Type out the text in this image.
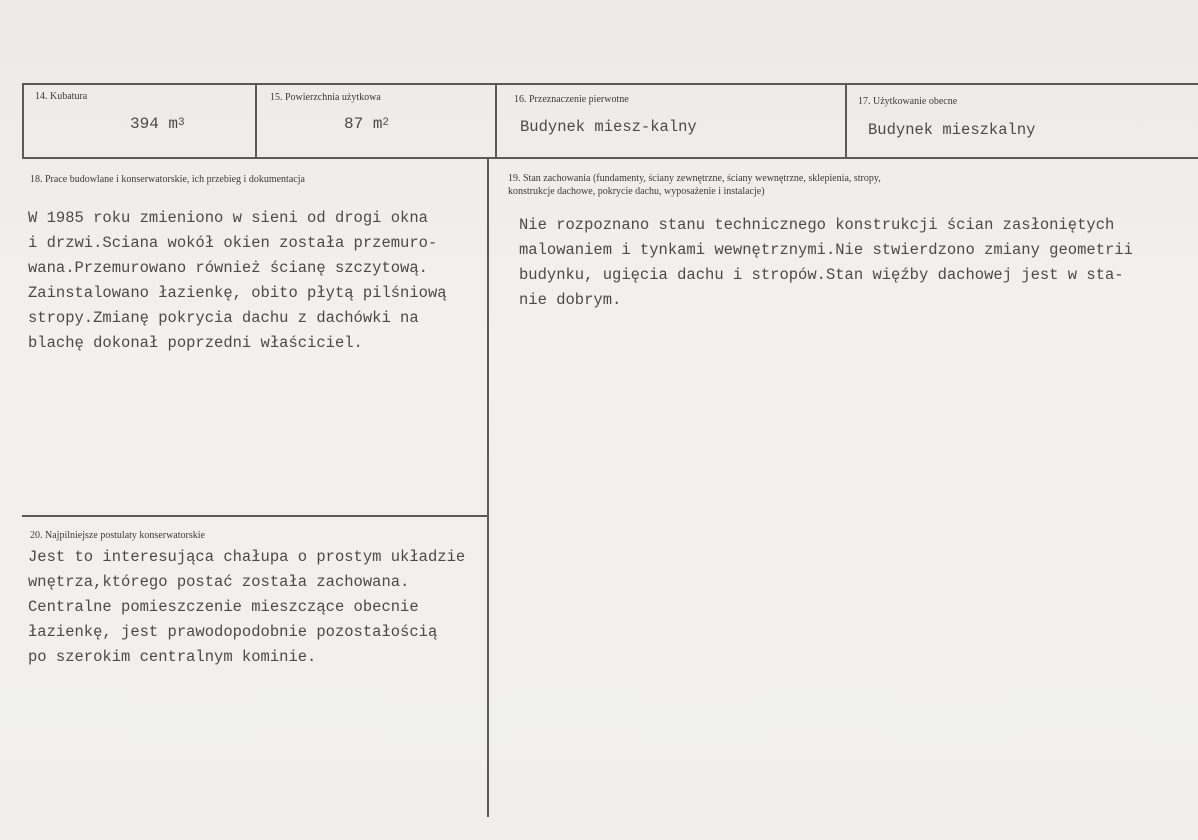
14. Kubatura
394 $m^3$
15. Powierzchnia użytkowa
87 $m^2$
16. Przeznaczenie pierwotne
Budynek miesz-kalny
17. Użytkowanie obecne
Budynek mieszkalny
18. Prace budowlane i konserwatorskie, ich przebieg i dokumentacja
W 1985 roku zmieniono w sieni od drogi okna
i drzwi.Sciana wokół okien została przemuro-
wana.Przemurowano również ścianę szczytową.
Zainstalowano łazienkę, obito płytą pilśniową
stropy.Zmianę pokrycia dachu z dachówki na
blachę dokonał poprzedni właściciel.
19. Stan zachowania (fundamenty, ściany zewnętrzne, ściany wewnętrzne, sklepienia, stropy,
konstrukcje dachowe, pokrycie dachu, wyposażenie i instalacje)
Nie rozpoznano stanu technicznego konstrukcji ścian zasłoniętych
malowaniem i tynkami wewnętrznymi.Nie stwierdzono zmiany geometrii
budynku, ugięcia dachu i stropów.Stan więźby dachowej jest w sta-
nie dobrym.
20. Najpilniejsze postulaty konserwatorskie
Jest to interesująca chałupa o prostym układzie
wnętrza,którego postać została zachowana.
Centralne pomieszczenie mieszczące obecnie
łazienkę, jest prawodopodobnie pozostałością
po szerokim centralnym kominie.
